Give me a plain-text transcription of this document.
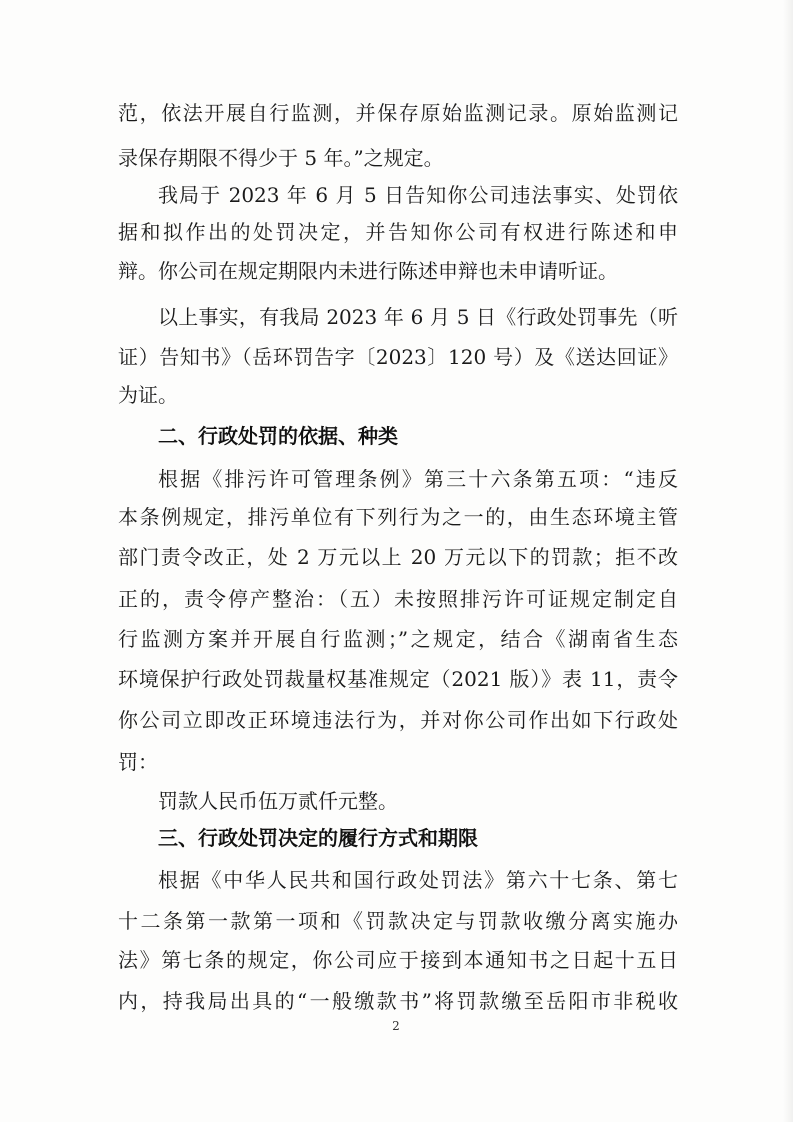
范，依法开展自行监测，并保存原始监测记录。原始监测记
录保存期限不得少于 5 年。”之规定。
我局于 2023 年 6 月 5 日告知你公司违法事实、处罚依
据和拟作出的处罚决定，并告知你公司有权进行陈述和申
辩。你公司在规定期限内未进行陈述申辩也未申请听证。
以上事实，有我局 2023 年 6 月 5 日《行政处罚事先（听
证）告知书》（岳环罚告字〔2023〕120 号）及《送达回证》
为证。
二、行政处罚的依据、种类
根据《排污许可管理条例》第三十六条第五项：“违反
本条例规定，排污单位有下列行为之一的，由生态环境主管
部门责令改正，处 2 万元以上 20 万元以下的罚款；拒不改
正的，责令停产整治：（五）未按照排污许可证规定制定自
行监测方案并开展自行监测；”之规定，结合《湖南省生态
环境保护行政处罚裁量权基准规定（2021 版）》表 11，责令
你公司立即改正环境违法行为，并对你公司作出如下行政处
罚：
罚款人民币伍万贰仟元整。
三、行政处罚决定的履行方式和期限
根据《中华人民共和国行政处罚法》第六十七条、第七
十二条第一款第一项和《罚款决定与罚款收缴分离实施办
法》第七条的规定，你公司应于接到本通知书之日起十五日
内，持我局出具的“一般缴款书”将罚款缴至岳阳市非税收
2
